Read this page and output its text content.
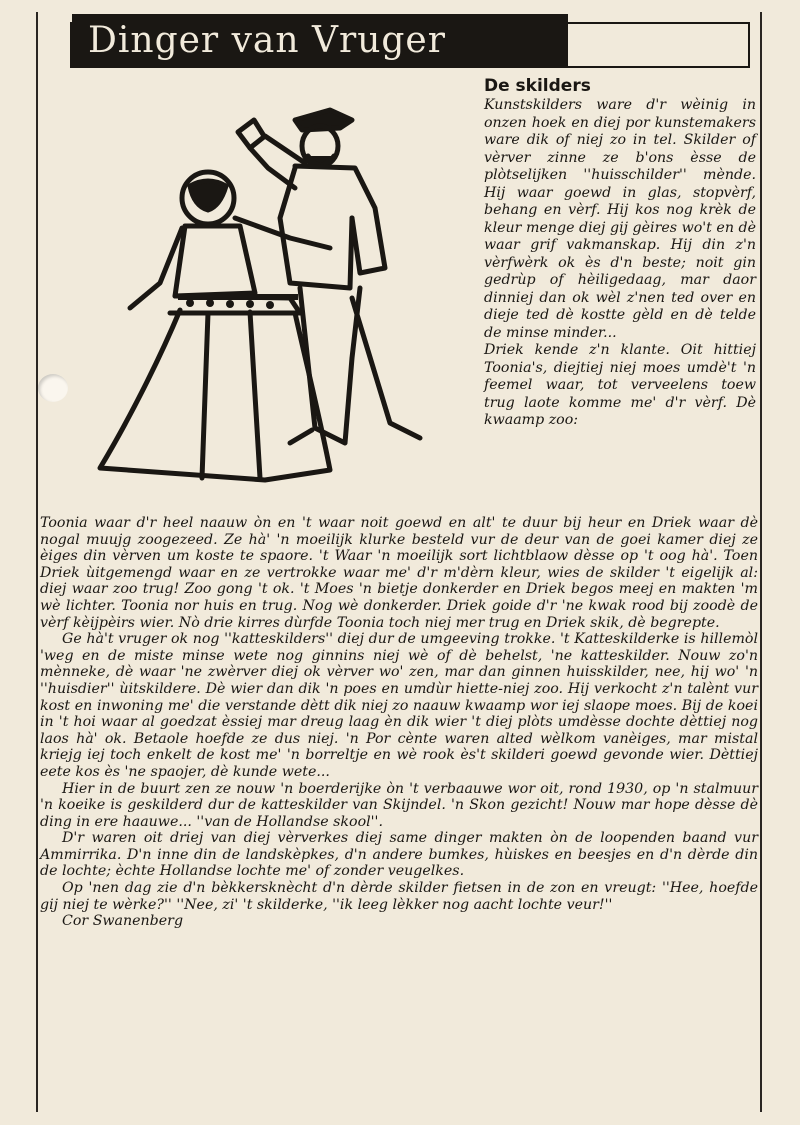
Dinger van Vruger
De skilders

Kunstskilders ware d'r wèinig in onzen hoek en diej por kunstemakers ware dik of niej zo in tel. Skilder of vèrver zinne ze b'ons èsse de plòtselijken ''huisschilder'' mènde. Hij waar goewd in glas, stopvèrf, behang en vèrf. Hij kos nog krèk de kleur menge diej gij gèires wo't en dè waar grif vakmanskap. Hij din z'n vèrfwèrk ok ès d'n beste; noit gin gedrùp of hèiligedaag, mar daor dinniej dan ok wèl z'nen ted over en dieje ted dè kostte gèld en dè telde de minse minder...

Driek kende z'n klante. Oit hittiej Toonia's, diejtiej niej moes umdè't 'n feemel waar, tot verveelens toew trug laote komme me' d'r vèrf. Dè kwaamp zoo:

Toonia waar d'r heel naauw òn en 't waar noit goewd en alt' te duur bij heur en Driek waar dè nogal muujg zoogezeed. Ze hà' 'n moeilijk klurke besteld vur de deur van de goei kamer diej ze èiges din vèrven um koste te spaore. 't Waar 'n moeilijk sort lichtblaow dèsse op 't oog hà'. Toen Driek ùitgemengd waar en ze vertrokke waar me' d'r m'dèrn kleur, wies de skilder 't eigelijk al: diej waar zoo trug! Zoo gong 't ok. 't Moes 'n bietje donkerder en Driek begos meej en makten 'm wè lichter. Toonia nor huis en trug. Nog wè donkerder. Driek goide d'r 'ne kwak rood bij zoodè de vèrf kèijpèirs wier. Nò drie kirres dùrfde Toonia toch niej mer trug en Driek skik, dè begrepte.

Ge hà't vruger ok nog ''katteskilders'' diej dur de umgeeving trokke. 't Katteskilderke is hillemòl 'weg en de miste minse wete nog ginnins niej wè of dè behelst, 'ne katteskilder. Nouw zo'n mènneke, dè waar 'ne zwèrver diej ok vèrver wo' zen, mar dan ginnen huisskilder, nee, hij wo' 'n ''huisdier'' ùitskildere. Dè wier dan dik 'n poes en umdùr hiette-niej zoo. Hij verkocht z'n talènt vur kost en inwoning me' die verstande dètt dik niej zo naauw kwaamp wor iej slaope moes. Bij de koei in 't hoi waar al goedzat èssiej mar dreug laag èn dik wier 't diej plòts umdèsse dochte dèttiej nog laos hà' ok. Betaole hoefde ze dus niej. 'n Por cènte waren alted wèlkom vanèiges, mar mistal kriejg iej toch enkelt de kost me' 'n borreltje en wè rook ès't skilderi goewd gevonde wier. Dèttiej eete kos ès 'ne spaojer, dè kunde wete...

Hier in de buurt zen ze nouw 'n boerderijke òn 't verbaauwe wor oit, rond 1930, op 'n stalmuur 'n koeike is geskilderd dur de katteskilder van Skijndel. 'n Skon gezicht! Nouw mar hope dèsse dè ding in ere haauwe... ''van de Hollandse skool''.

D'r waren oit driej van diej vèrverkes diej same dinger makten òn de loopenden baand vur Ammirrika. D'n inne din de landskèpkes, d'n andere bumkes, hùiskes en beesjes en d'n dèrde din de lochte; èchte Hollandse lochte me' of zonder veugelkes.

Op 'nen dag zie d'n bèkkersknècht d'n dèrde skilder fietsen in de zon en vreugt: ''Hee, hoefde gij niej te wèrke?'' ''Nee, zi' 't skilderke, ''ik leeg lèkker nog aacht lochte veur!''

Cor Swanenberg
